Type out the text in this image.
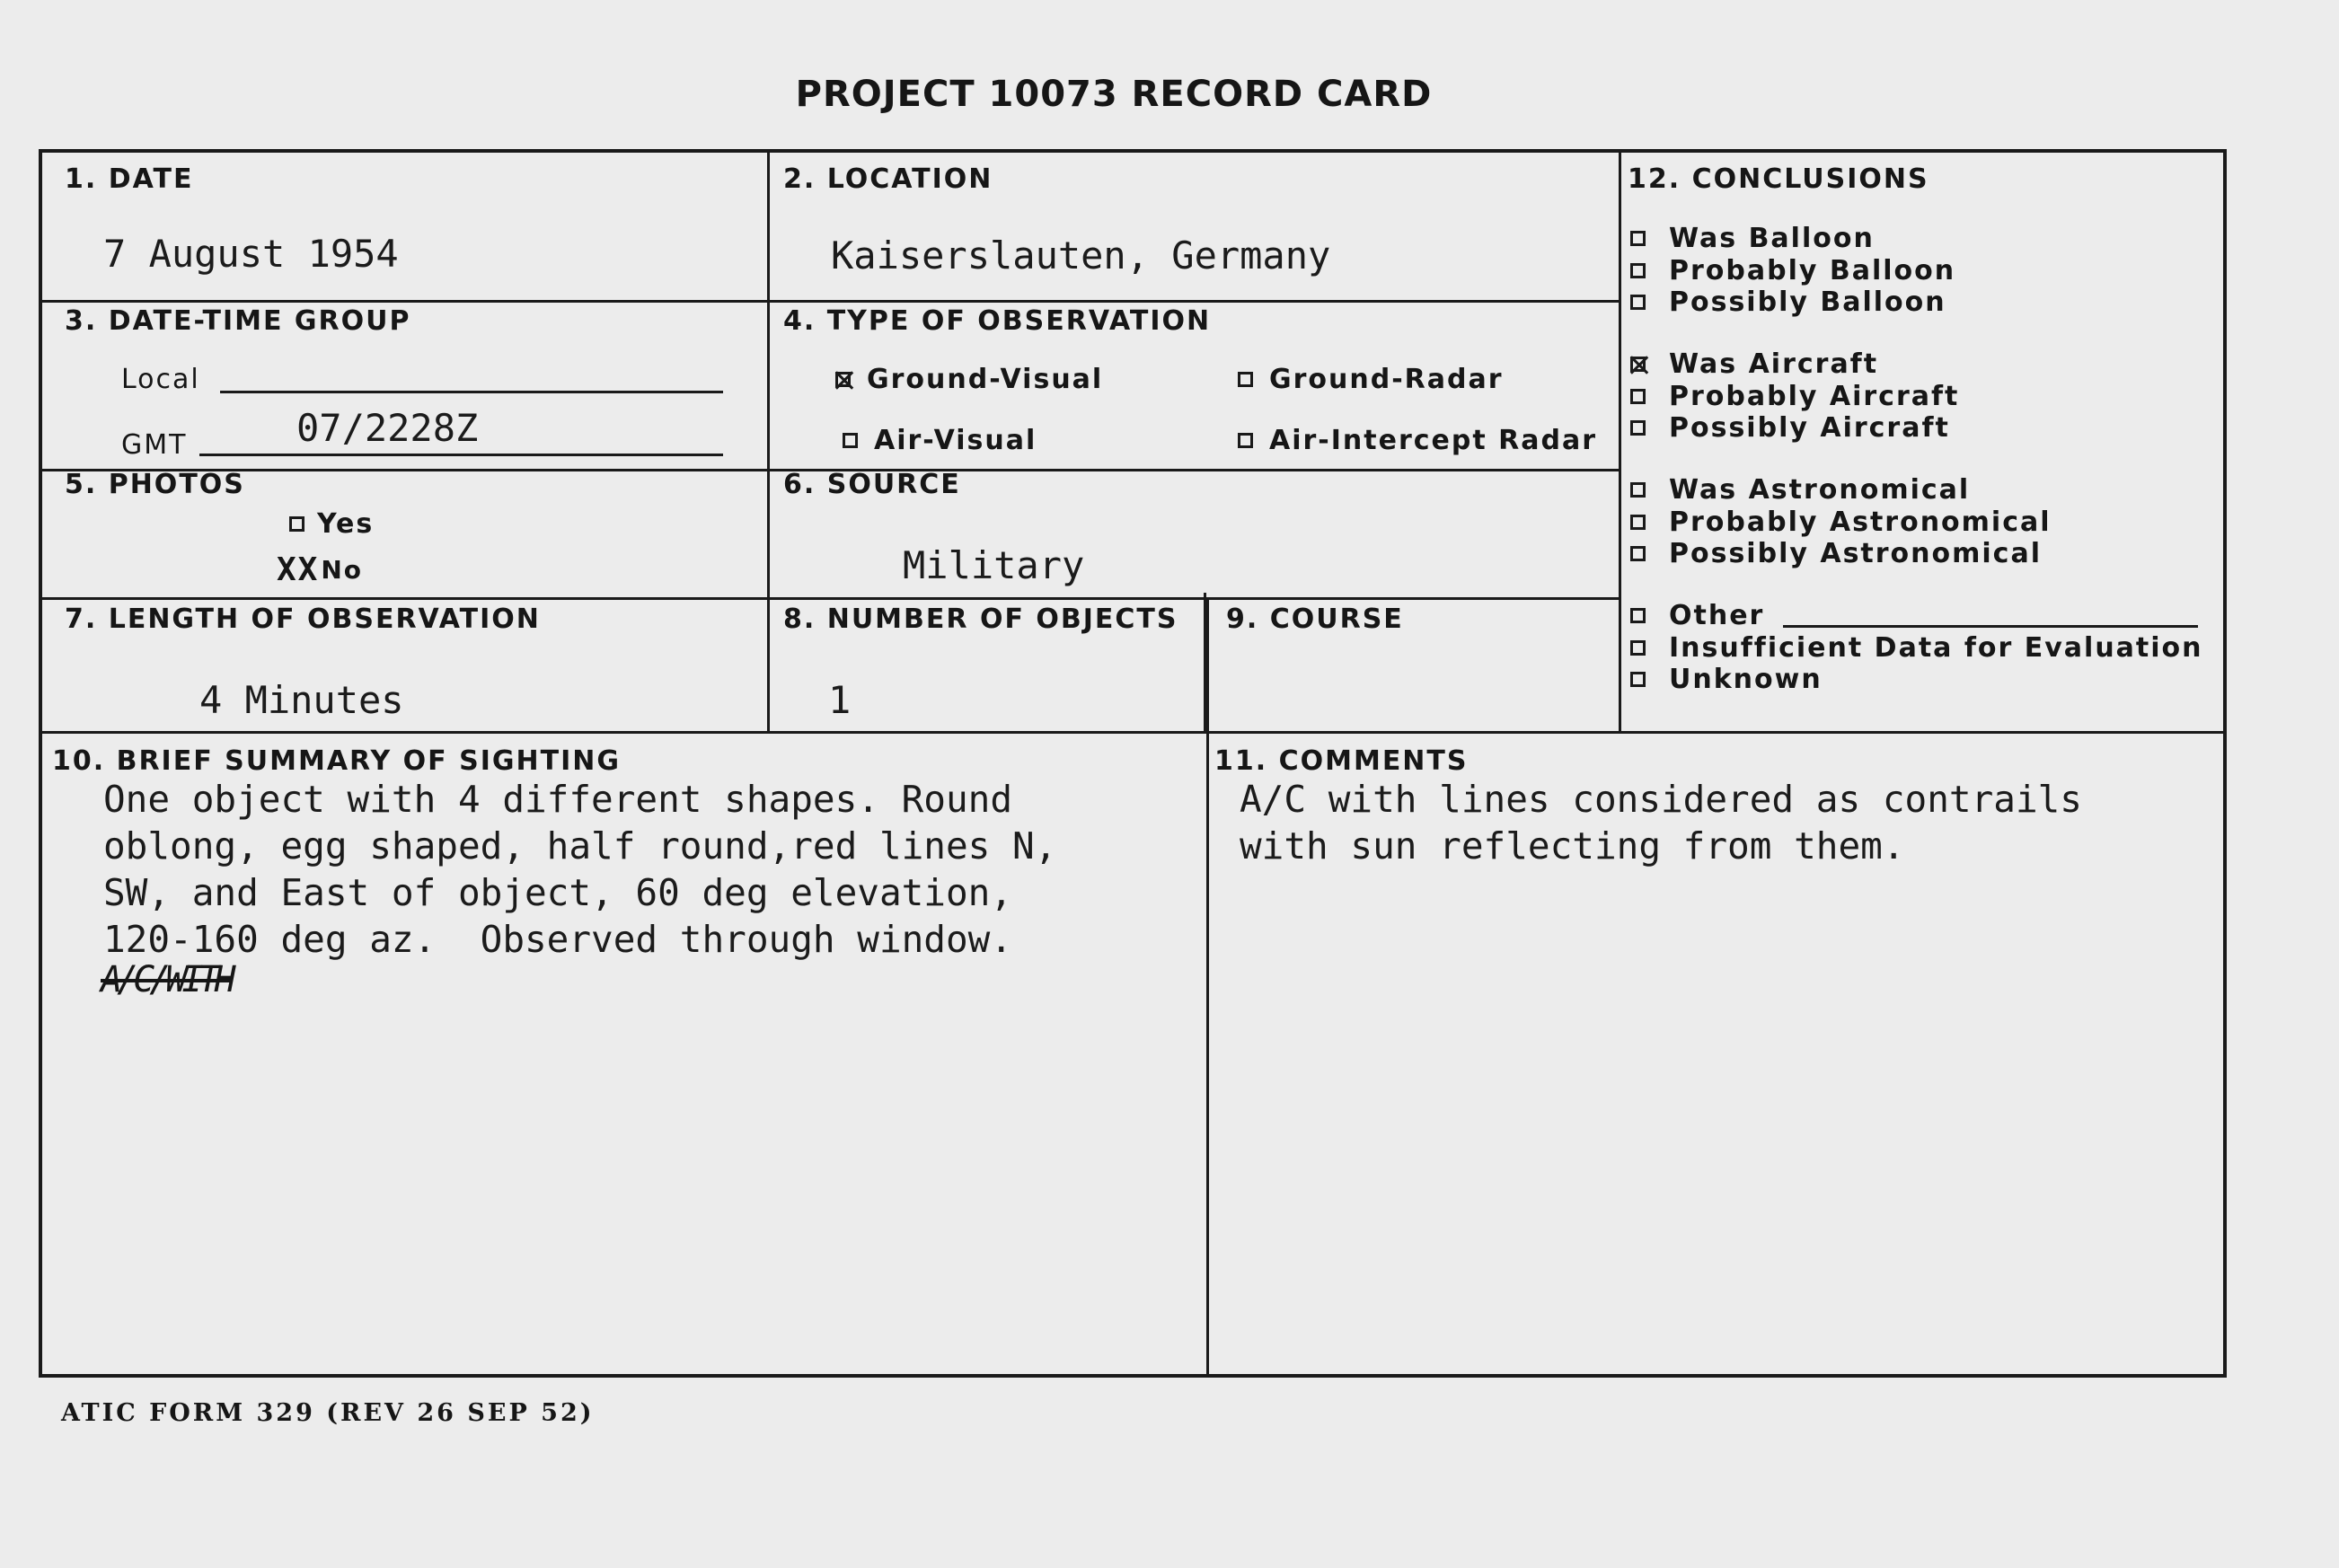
PROJECT 10073 RECORD CARD
1. DATE
7 August 1954
2. LOCATION
Kaiserslauten, Germany
3. DATE-TIME GROUP
Local
GMT	07/2228Z
4. TYPE OF OBSERVATION
Ground-Visual	Ground-Radar
Air-Visual	Air-Intercept Radar
5. PHOTOS
Yes
XX No
6. SOURCE
Military
7. LENGTH OF OBSERVATION
4 Minutes
8. NUMBER OF OBJECTS
1
9. COURSE
10. BRIEF SUMMARY OF SIGHTING
One object with 4 different shapes. Round
oblong, egg shaped, half round,red lines N,
SW, and East of object, 60 deg elevation,
120-160 deg az.  Observed through window.
A/C/WITH
11. COMMENTS
A/C with lines considered as contrails
with sun reflecting from them.
12. CONCLUSIONS
Was Balloon
Probably Balloon
Possibly Balloon
Was Aircraft
Probably Aircraft
Possibly Aircraft
Was Astronomical
Probably Astronomical
Possibly Astronomical
Other
Insufficient Data for Evaluation
Unknown
ATIC FORM 329 (REV 26 SEP 52)
